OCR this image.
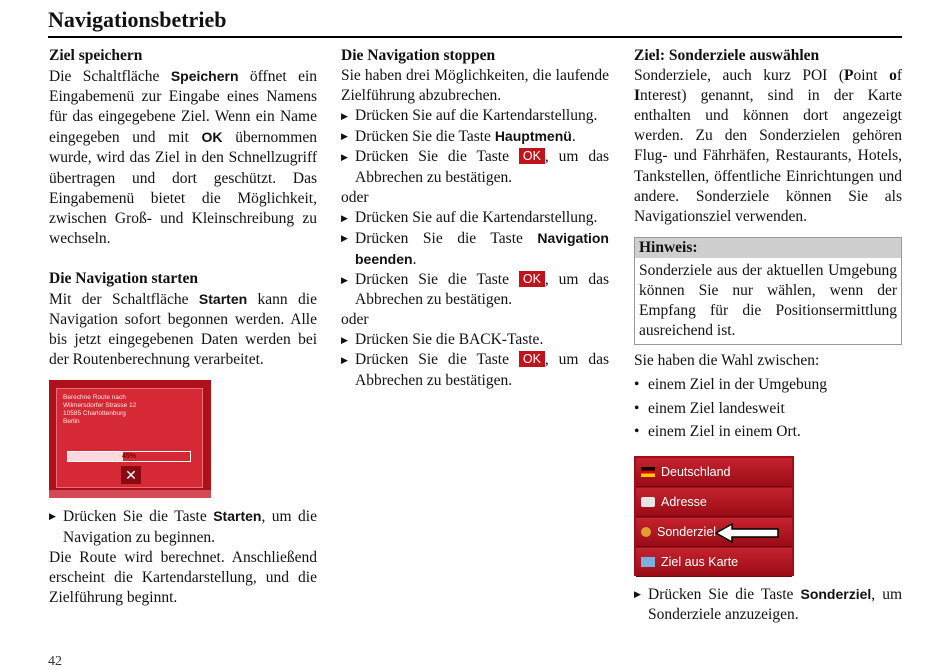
Navigationsbetrieb
Ziel speichern
Die Schaltfläche Speichern öffnet ein Eingabemenü zur Eingabe eines Namens für das eingegebene Ziel. Wenn ein Name eingegeben und mit OK übernommen wurde, wird das Ziel in den Schnellzugriff übertragen und dort geschützt. Das Eingabemenü bietet die Möglichkeit, zwischen Groß- und Kleinschreibung zu wechseln.
Die Navigation starten
Mit der Schaltfläche Starten kann die Navigation sofort begonnen werden. Alle bis jetzt eingegebenen Daten werden bei der Routenberechnung verarbeitet.
Berechne Route nach
Wilmersdorfer Strasse 12
10585 Charlottenburg
Berlin
45%
✕
▶ Drücken Sie die Taste Starten, um die Navigation zu beginnen.
Die Route wird berechnet. Anschließend erscheint die Kartendarstellung, und die Zielführung beginnt.
Die Navigation stoppen
Sie haben drei Möglichkeiten, die laufende Zielführung abzubrechen.
▶ Drücken Sie auf die Kartendarstellung.
▶ Drücken Sie die Taste Hauptmenü.
▶ Drücken Sie die Taste OK , um das Abbrechen zu bestätigen.
oder
▶ Drücken Sie auf die Kartendarstellung.
▶ Drücken Sie die Taste Navigation beenden.
▶ Drücken Sie die Taste OK , um das Abbrechen zu bestätigen.
oder
▶ Drücken Sie die BACK-Taste.
▶ Drücken Sie die Taste OK , um das Abbrechen zu bestätigen.
Ziel: Sonderziele auswählen
Sonderziele, auch kurz POI (Point of Interest) genannt, sind in der Karte enthalten und können dort angezeigt werden. Zu den Sonderzielen gehören Flug- und Fährhäfen, Restaurants, Hotels, Tankstellen, öffentliche Einrichtungen und andere. Sonderziele können Sie als Navigationsziel verwenden.
Hinweis:
Sonderziele aus der aktuellen Umgebung können Sie nur wählen, wenn der Empfang für die Positionsermittlung ausreichend ist.
Sie haben die Wahl zwischen:
• einem Ziel in der Umgebung
• einem Ziel landesweit
• einem Ziel in einem Ort.
Deutschland
Adresse
Sonderziel
Ziel aus Karte
▶ Drücken Sie die Taste Sonderziel, um Sonderziele anzuzeigen.
42
